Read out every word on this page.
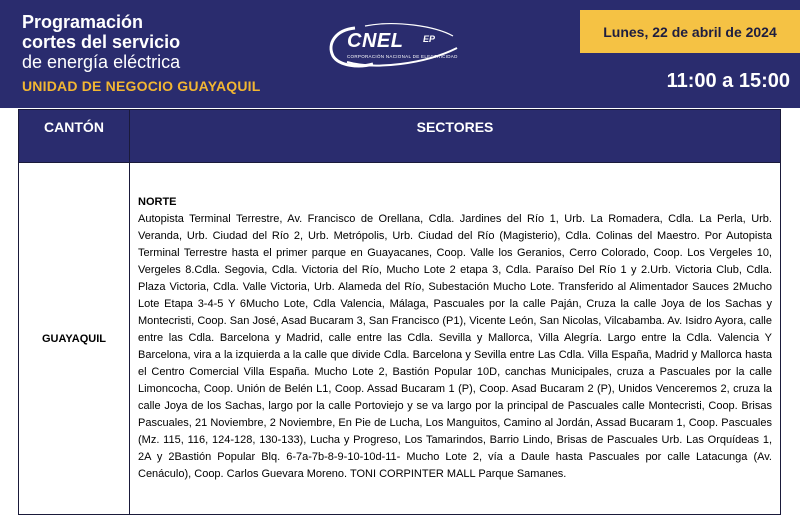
Programación
cortes del servicio
de energía eléctrica
UNIDAD DE NEGOCIO GUAYAQUIL
CNEL EP
CORPORACIÓN NACIONAL DE ELECTRICIDAD
Lunes, 22 de abril de 2024
11:00 a 15:00
CANTÓN	SECTORES
GUAYAQUIL	NORTE
Autopista Terminal Terrestre, Av. Francisco de Orellana, Cdla. Jardines del Río 1, Urb. La Romadera, Cdla. La Perla, Urb. Veranda, Urb. Ciudad del Río 2, Urb. Metrópolis, Urb. Ciudad del Río (Magisterio), Cdla. Colinas del Maestro. Por Autopista Terminal Terrestre hasta el primer parque en Guayacanes, Coop. Valle los Geranios, Cerro Colorado, Coop. Los Vergeles 10, Vergeles 8.Cdla. Segovia, Cdla. Victoria del Río, Mucho Lote 2 etapa 3, Cdla. Paraíso Del Río 1 y 2.Urb. Victoria Club, Cdla. Plaza Victoria, Cdla. Valle Victoria, Urb. Alameda del Río, Subestación Mucho Lote. Transferido al Alimentador Sauces 2Mucho Lote Etapa 3-4-5 Y 6Mucho Lote, Cdla Valencia, Málaga, Pascuales por la calle Paján, Cruza la calle Joya de los Sachas y Montecristi, Coop. San José, Asad Bucaram 3, San Francisco (P1), Vicente León, San Nicolas, Vilcabamba. Av. Isidro Ayora, calle entre las Cdla. Barcelona y Madrid, calle entre las Cdla. Sevilla y Mallorca, Villa Alegría. Largo entre la Cdla. Valencia Y Barcelona, vira a la izquierda a la calle que divide Cdla. Barcelona y Sevilla entre Las Cdla. Villa España, Madrid y Mallorca hasta el Centro Comercial Villa España. Mucho Lote 2, Bastión Popular 10D, canchas Municipales, cruza a Pascuales por la calle Limoncocha, Coop. Unión de Belén L1, Coop. Assad Bucaram 1 (P), Coop. Asad Bucaram 2 (P), Unidos Venceremos 2, cruza la calle Joya de los Sachas, largo por la calle Portoviejo y se va largo por la principal de Pascuales calle Montecristi, Coop. Brisas Pascuales, 21 Noviembre, 2 Noviembre, En Pie de Lucha, Los Manguitos, Camino al Jordán, Assad Bucaram 1, Coop. Pascuales (Mz. 115, 116, 124-128, 130-133), Lucha y Progreso, Los Tamarindos, Barrio Lindo, Brisas de Pascuales Urb. Las Orquídeas 1, 2A y 2Bastión Popular Blq. 6-7a-7b-8-9-10-10d-11- Mucho Lote 2, vía a Daule hasta Pascuales por calle Latacunga (Av. Cenáculo), Coop. Carlos Guevara Moreno. TONI CORPINTER MALL Parque Samanes.
